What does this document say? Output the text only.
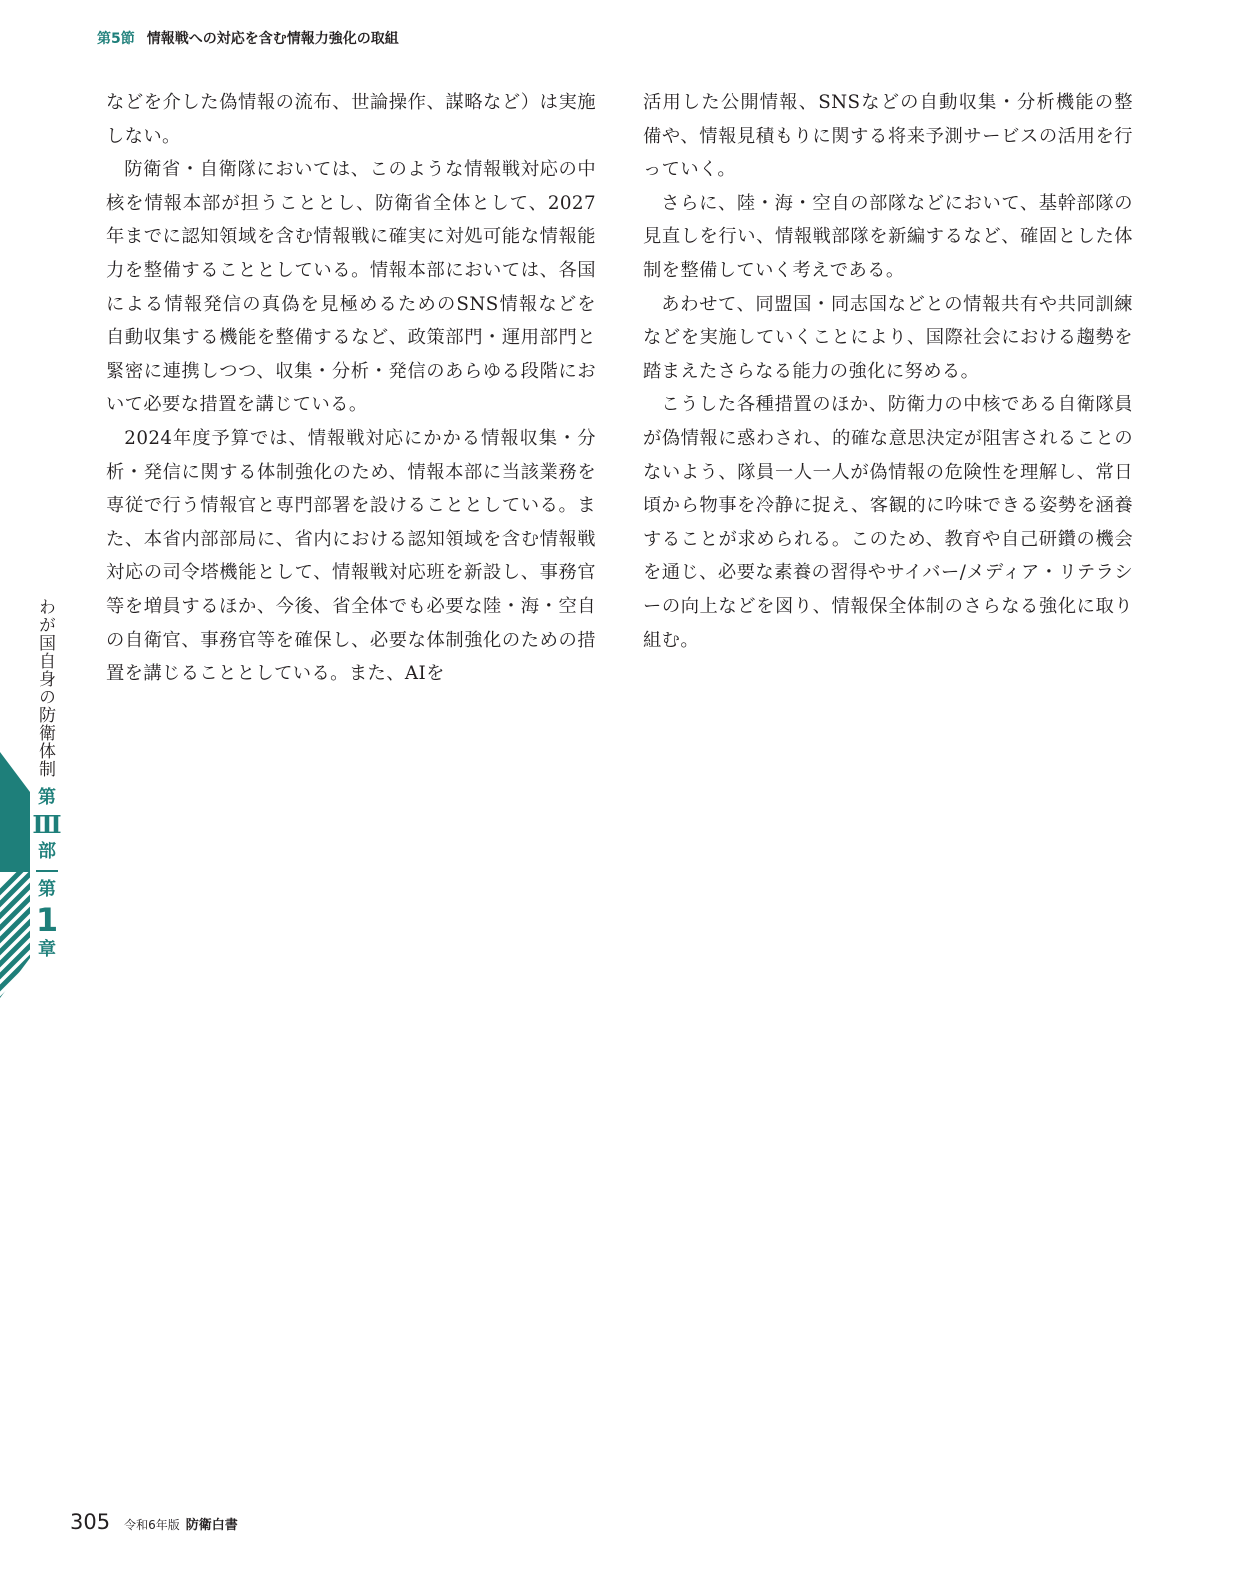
第5節 情報戦への対応を含む情報力強化の取組

などを介した偽情報の流布、世論操作、謀略など）は実施しない。

防衛省・自衛隊においては、このような情報戦対応の中核を情報本部が担うこととし、防衛省全体として、2027年までに認知領域を含む情報戦に確実に対処可能な情報能力を整備することとしている。情報本部においては、各国による情報発信の真偽を見極めるためのSNS情報などを自動収集する機能を整備するなど、政策部門・運用部門と緊密に連携しつつ、収集・分析・発信のあらゆる段階において必要な措置を講じている。

2024年度予算では、情報戦対応にかかる情報収集・分析・発信に関する体制強化のため、情報本部に当該業務を専従で行う情報官と専門部署を設けることとしている。また、本省内部部局に、省内における認知領域を含む情報戦対応の司令塔機能として、情報戦対応班を新設し、事務官等を増員するほか、今後、省全体でも必要な陸・海・空自の自衛官、事務官等を確保し、必要な体制強化のための措置を講じることとしている。また、AIを

活用した公開情報、SNSなどの自動収集・分析機能の整備や、情報見積もりに関する将来予測サービスの活用を行っていく。

さらに、陸・海・空自の部隊などにおいて、基幹部隊の見直しを行い、情報戦部隊を新編するなど、確固とした体制を整備していく考えである。

あわせて、同盟国・同志国などとの情報共有や共同訓練などを実施していくことにより、国際社会における趨勢を踏まえたさらなる能力の強化に努める。

こうした各種措置のほか、防衛力の中核である自衛隊員が偽情報に惑わされ、的確な意思決定が阻害されることのないよう、隊員一人一人が偽情報の危険性を理解し、常日頃から物事を冷静に捉え、客観的に吟味できる姿勢を涵養することが求められる。このため、教育や自己研鑽の機会を通じ、必要な素養の習得やサイバー/メディア・リテラシーの向上などを図り、情報保全体制のさらなる強化に取り組む。

わが国自身の防衛体制
第
Ⅲ
部
第
1
章
305 令和6年版 防衛白書
